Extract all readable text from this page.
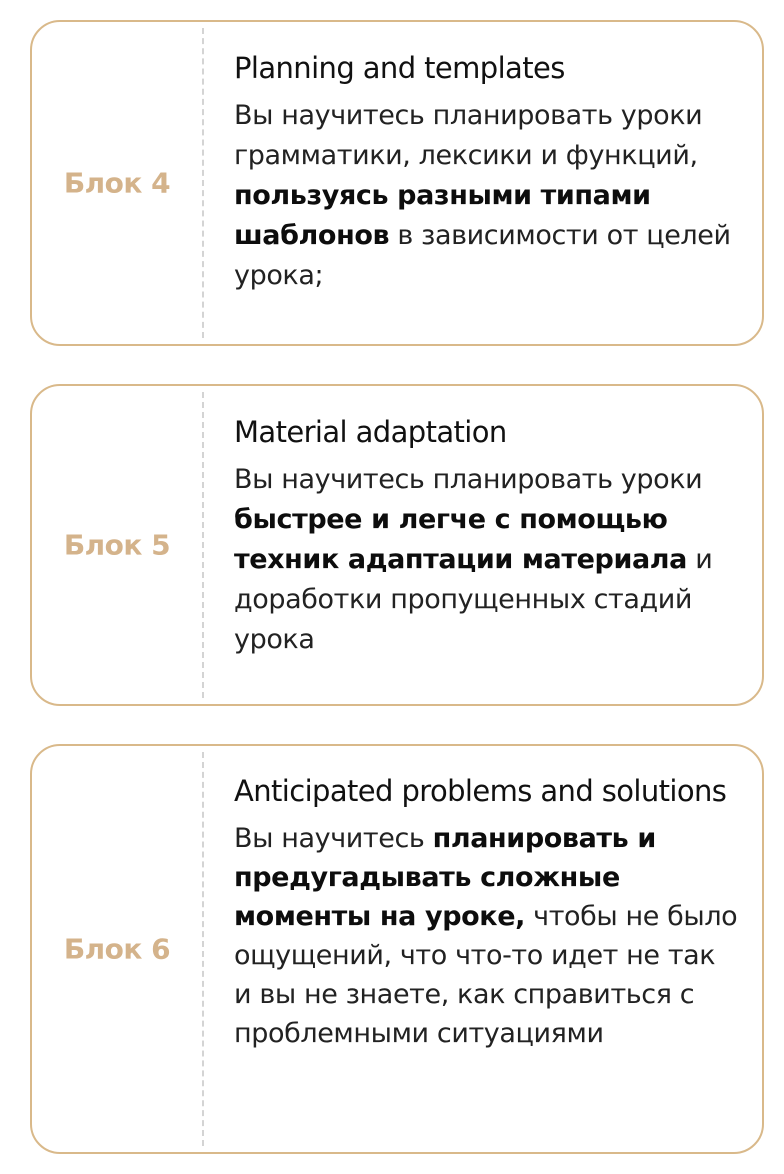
Блок 4
Planning and templates

Вы научитесь планировать уроки грамматики, лексики и функций, пользуясь разными типами шаблонов в зависимости от целей урока;

Блок 5
Material adaptation

Вы научитесь планировать уроки быстрее и легче с помощью техник адаптации материала и доработки пропущенных стадий урока

Блок 6
Anticipated problems and solutions

Вы научитесь планировать и предугадывать сложные моменты на уроке, чтобы не было ощущений, что что-то идет не так и вы не знаете, как справиться с проблемными ситуациями
